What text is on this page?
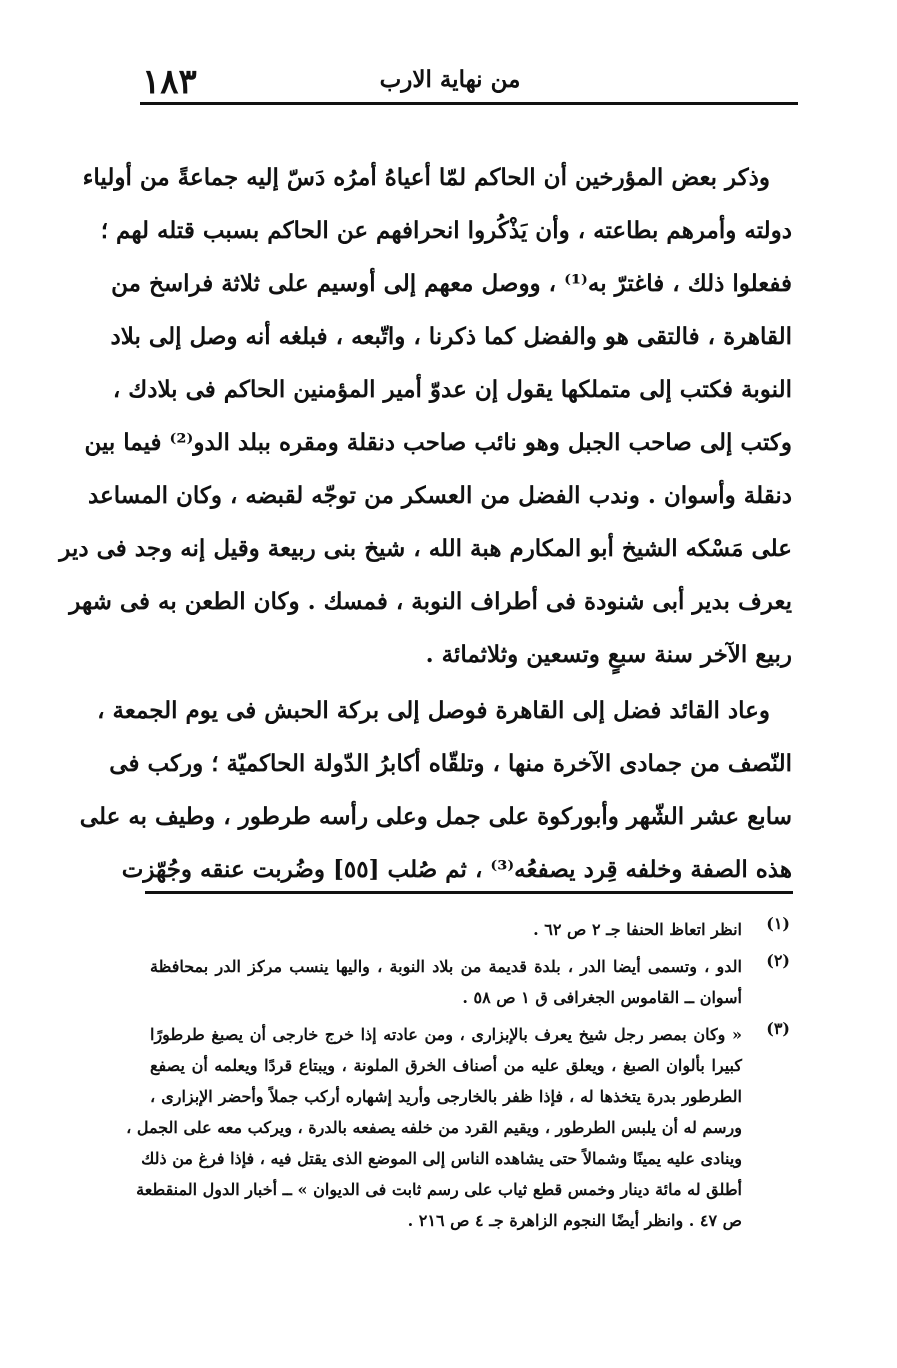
١٨٣	من نهاية الارب
وذكر بعض المؤرخين أن الحاكم لمّا أعياهُ أمرُه دَسّ إليه جماعةً من أولياء
دولته وأمرهم بطاعته ، وأن يَذْكُروا انحرافهم عن الحاكم بسبب قتله لهم ؛
ففعلوا ذلك ، فاغترّ به⁽¹⁾ ، ووصل معهم إلى أوسيم على ثلاثة فراسخ من
القاهرة ، فالتقى هو والفضل كما ذكرنا ، واتّبعه ، فبلغه أنه وصل إلى بلاد
النوبة فكتب إلى متملكها يقول إن عدوّ أمير المؤمنين الحاكم فى بلادك ،
وكتب إلى صاحب الجبل وهو نائب صاحب دنقلة ومقره ببلد الدو⁽²⁾ فيما بين
دنقلة وأسوان . وندب الفضل من العسكر من توجّه لقبضه ، وكان المساعد
على مَسْكه الشيخ أبو المكارم هبة الله ، شيخ بنى ربيعة وقيل إنه وجد فى دير
يعرف بدير أبى شنودة فى أطراف النوبة ، فمسك . وكان الطعن به فى شهر
ربيع الآخر سنة سبعٍ وتسعين وثلاثمائة .
وعاد القائد فضل إلى القاهرة فوصل إلى بركة الحبش فى يوم الجمعة ،
النّصف من جمادى الآخرة منها ، وتلقّاه أكابرُ الدّولة الحاكميّة ؛ وركب فى
سابع عشر الشّهر وأبوركوة على جمل وعلى رأسه طرطور ، وطيف به على
هذه الصفة وخلفه قِرد يصفعُه⁽³⁾ ، ثم صُلب [٥٥] وضُربت عنقه وجُهّزت
(١)
انظر اتعاظ الحنفا جـ ٢ ص ٦٢ .
(٢)
الدو ، وتسمى أيضا الدر ، بلدة قديمة من بلاد النوبة ، واليها ينسب مركز الدر بمحافظة
أسوان ــ القاموس الجغرافى ق ١ ص ٥٨ .
(٣)
« وكان بمصر رجل شيخ يعرف بالإبزارى ، ومن عادته إذا خرج خارجى أن يصبغ طرطورًا
كبيرا بألوان الصبغ ، ويعلق عليه من أصناف الخرق الملونة ، ويبتاع قردًا ويعلمه أن يصفع
الطرطور بدرة يتخذها له ، فإذا ظفر بالخارجى وأريد إشهاره أركب جملاً وأحضر الإبزارى ،
ورسم له أن يلبس الطرطور ، ويقيم القرد من خلفه يصفعه بالدرة ، ويركب معه على الجمل ،
وينادى عليه يمينًا وشمالاً حتى يشاهده الناس إلى الموضع الذى يقتل فيه ، فإذا فرغ من ذلك
أطلق له مائة دينار وخمس قطع ثياب على رسم ثابت فى الديوان » ــ أخبار الدول المنقطعة
ص ٤٧ . وانظر أيضًا النجوم الزاهرة جـ ٤ ص ٢١٦ .
